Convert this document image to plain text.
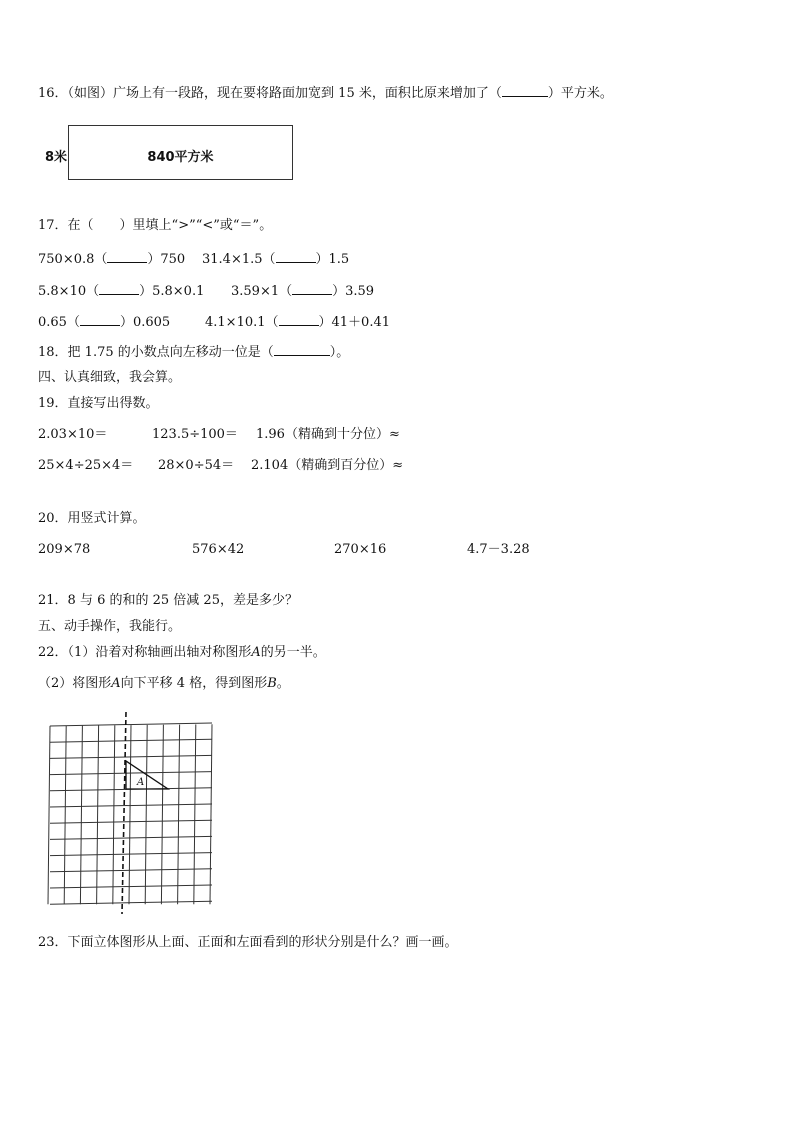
16．（如图）广场上有一段路，现在要将路面加宽到 15 米，面积比原来增加了（	）平方米。
8米	840平方米
17．在（　　）里填上“>”“<”或“＝”。
750×0.8（	）750 31.4×1.5（	）1.5
5.8×10（	）5.8×0.1 3.59×1（	）3.59
0.65（	）0.605	4.1×10.1（	）41＋0.41
18．把 1.75 的小数点向左移动一位是（	）。
四、认真细致，我会算。
19．直接写出得数。
2.03×10＝	123.5÷100＝ 1.96（精确到十分位）≈
25×4÷25×4＝ 28×0÷54＝ 2.104（精确到百分位）≈
20．用竖式计算。
209×78	576×42	270×16	4.7－3.28
21．8 与 6 的和的 25 倍减 25，差是多少？
五、动手操作，我能行。
22．（1）沿着对称轴画出轴对称图形A的另一半。
（2）将图形A向下平移 4 格，得到图形B。
A
23．下面立体图形从上面、正面和左面看到的形状分别是什么？画一画。
